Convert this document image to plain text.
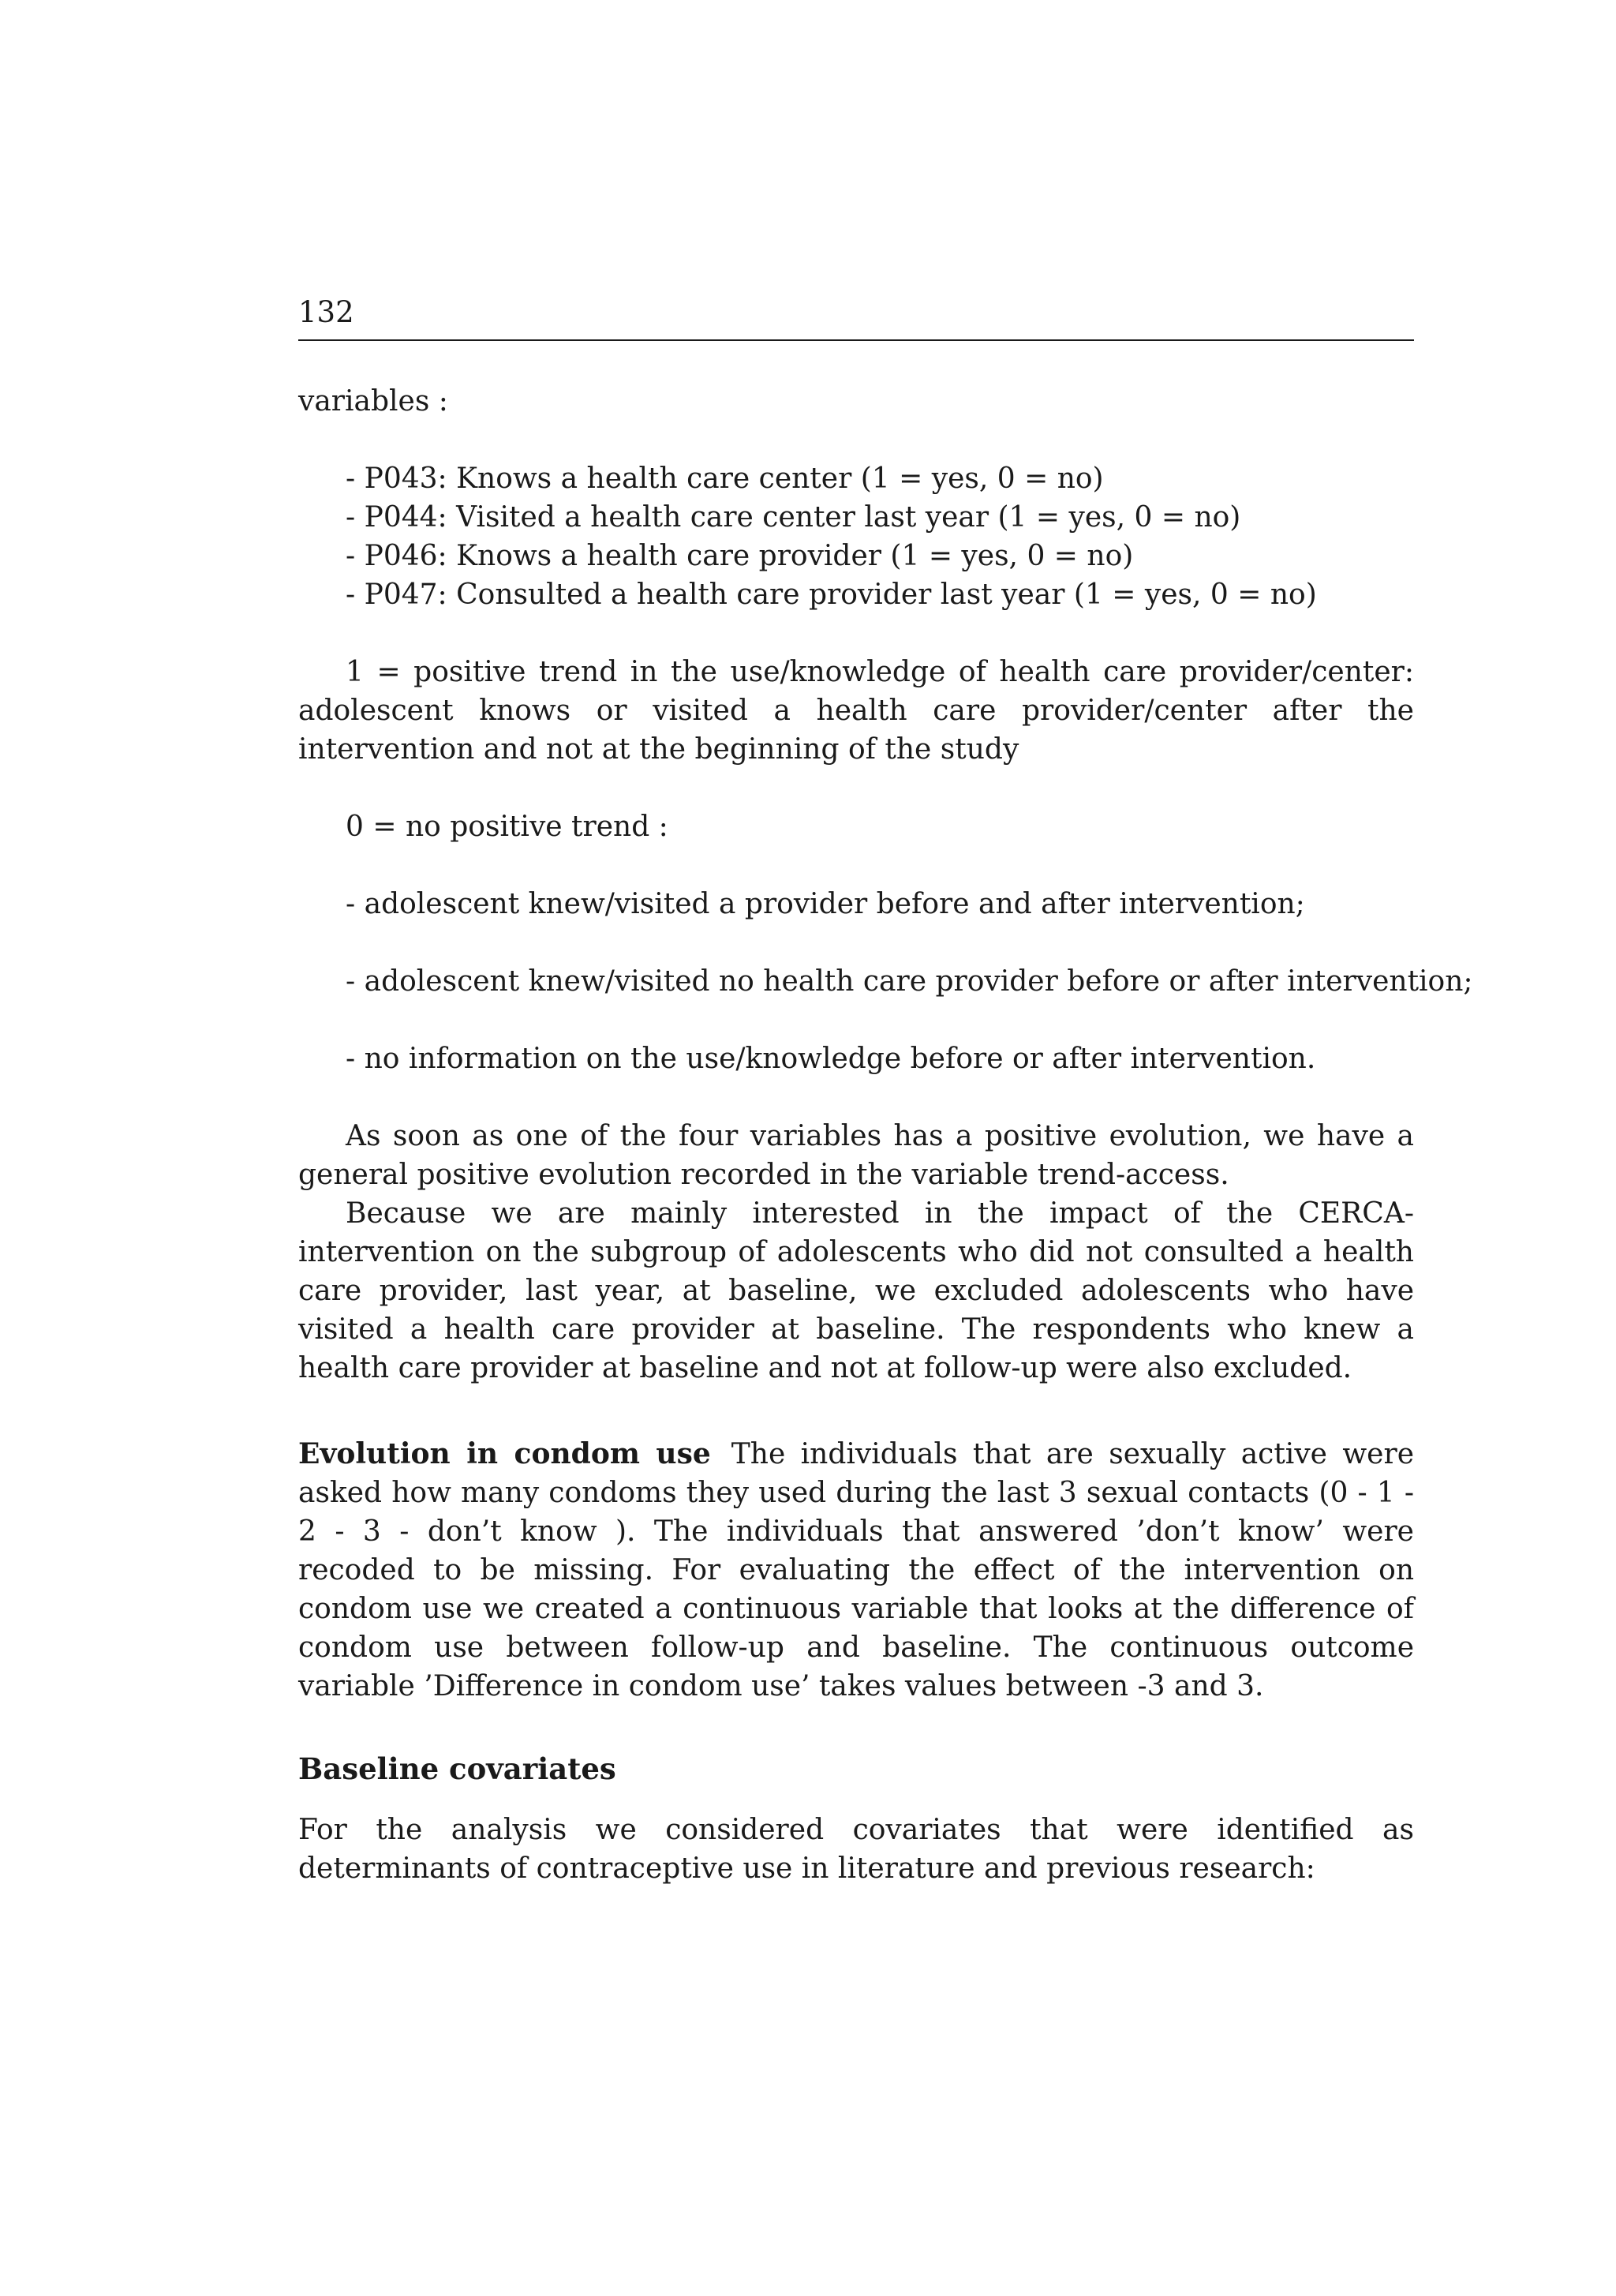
132

variables :

- P043: Knows a health care center (1 = yes, 0 = no)
- P044: Visited a health care center last year (1 = yes, 0 = no)
- P046: Knows a health care provider (1 = yes, 0 = no)
- P047: Consulted a health care provider last year (1 = yes, 0 = no)

1 = positive trend in the use/knowledge of health care provider/center: adolescent knows or visited a health care provider/center after the intervention and not at the beginning of the study

0 = no positive trend :

- adolescent knew/visited a provider before and after intervention;

- adolescent knew/visited no health care provider before or after intervention;

- no information on the use/knowledge before or after intervention.

As soon as one of the four variables has a positive evolution, we have a general positive evolution recorded in the variable trend-access.

Because we are mainly interested in the impact of the CERCA-intervention on the subgroup of adolescents who did not consulted a health care provider, last year, at baseline, we excluded adolescents who have visited a health care provider at baseline. The respondents who knew a health care provider at baseline and not at follow-up were also excluded.

Evolution in condom use The individuals that are sexually active were asked how many condoms they used during the last 3 sexual contacts (0 - 1 - 2 - 3 - don’t know ). The individuals that answered ’don’t know’ were recoded to be missing. For evaluating the effect of the intervention on condom use we created a continuous variable that looks at the difference of condom use between follow-up and baseline. The continuous outcome variable ’Difference in condom use’ takes values between -3 and 3.

Baseline covariates

For the analysis we considered covariates that were identified as determinants of contraceptive use in literature and previous research:
